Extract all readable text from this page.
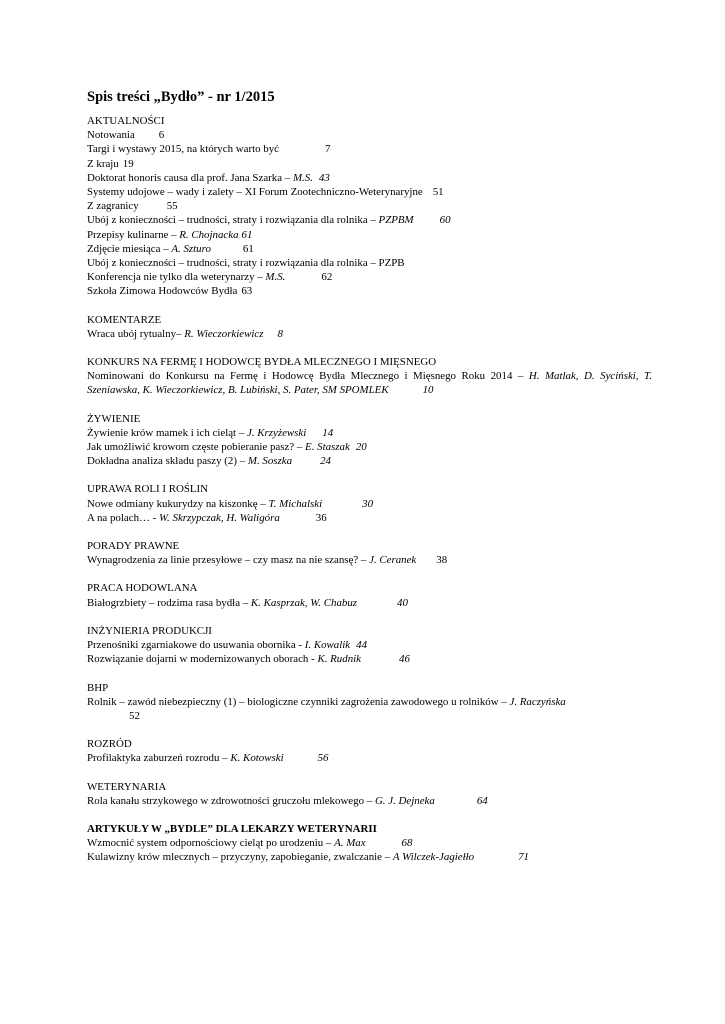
Spis treści „Bydło” - nr 1/2015
AKTUALNOŚCI
Notowania 6
Targi i wystawy 2015, na których warto być	7
Z kraju 19
Doktorat honoris causa dla prof. Jana Szarka – M.S. 43
Systemy udojowe – wady i zalety – XI Forum Zootechniczno-Weterynaryjne 51
Z zagranicy	55
Ubój z konieczności – trudności, straty i rozwiązania dla rolnika – PZPBM 60
Przepisy kulinarne – R. Chojnacka 61
Zdjęcie miesiąca – A. Szturo	61
Ubój z konieczności – trudności, straty i rozwiązania dla rolnika – PZPB
Konferencja nie tylko dla weterynarzy – M.S.	62
Szkoła Zimowa Hodowców Bydła 63
KOMENTARZE
Wraca ubój rytualny– R. Wieczorkiewicz 8
KONKURS NA FERMĘ I HODOWCĘ BYDŁA MLECZNEGO I MIĘSNEGO
Nominowani do Konkursu na Fermę i Hodowcę Bydła Mlecznego i Mięsnego Roku 2014 – H. Matlak, D. Syciński, T. Szeniawska, K. Wieczorkiewicz, B. Lubiński, S. Pater, SM SPOMLEK	10
ŻYWIENIE
Żywienie krów mamek i ich cieląt – J. Krzyżewski 14
Jak umożliwić krowom częste pobieranie pasz? – E. Staszak 20
Dokładna analiza składu paszy (2) – M. Soszka	24
UPRAWA ROLI I ROŚLIN
Nowe odmiany kukurydzy na kiszonkę – T. Michalski	30
A na polach… - W. Skrzypczak, H. Waligóra	36
PORADY PRAWNE
Wynagrodzenia za linie przesyłowe – czy masz na nie szansę? – J. Ceranek 38
PRACA HODOWLANA
Białogrzbiety – rodzima rasa bydła – K. Kasprzak, W. Chabuz	40
INŻYNIERIA PRODUKCJI
Przenośniki zgarniakowe do usuwania obornika - I. Kowalik 44
Rozwiązanie dojarni w modernizowanych oborach - K. Rudnik	46
BHP
Rolnik – zawód niebezpieczny (1) – biologiczne czynniki zagrożenia zawodowego u rolników – J. Raczyńska
52
ROZRÓD
Profilaktyka zaburzeń rozrodu – K. Kotowski	56
WETERYNARIA
Rola kanału strzykowego w zdrowotności gruczołu mlekowego – G. J. Dejneka	64
ARTYKUŁY W „BYDLE” DLA LEKARZY WETERYNARII
Wzmocnić system odpornościowy cieląt po urodzeniu – A. Max	68
Kulawizny krów mlecznych – przyczyny, zapobieganie, zwalczanie – A Wilczek-Jagiełło	71
